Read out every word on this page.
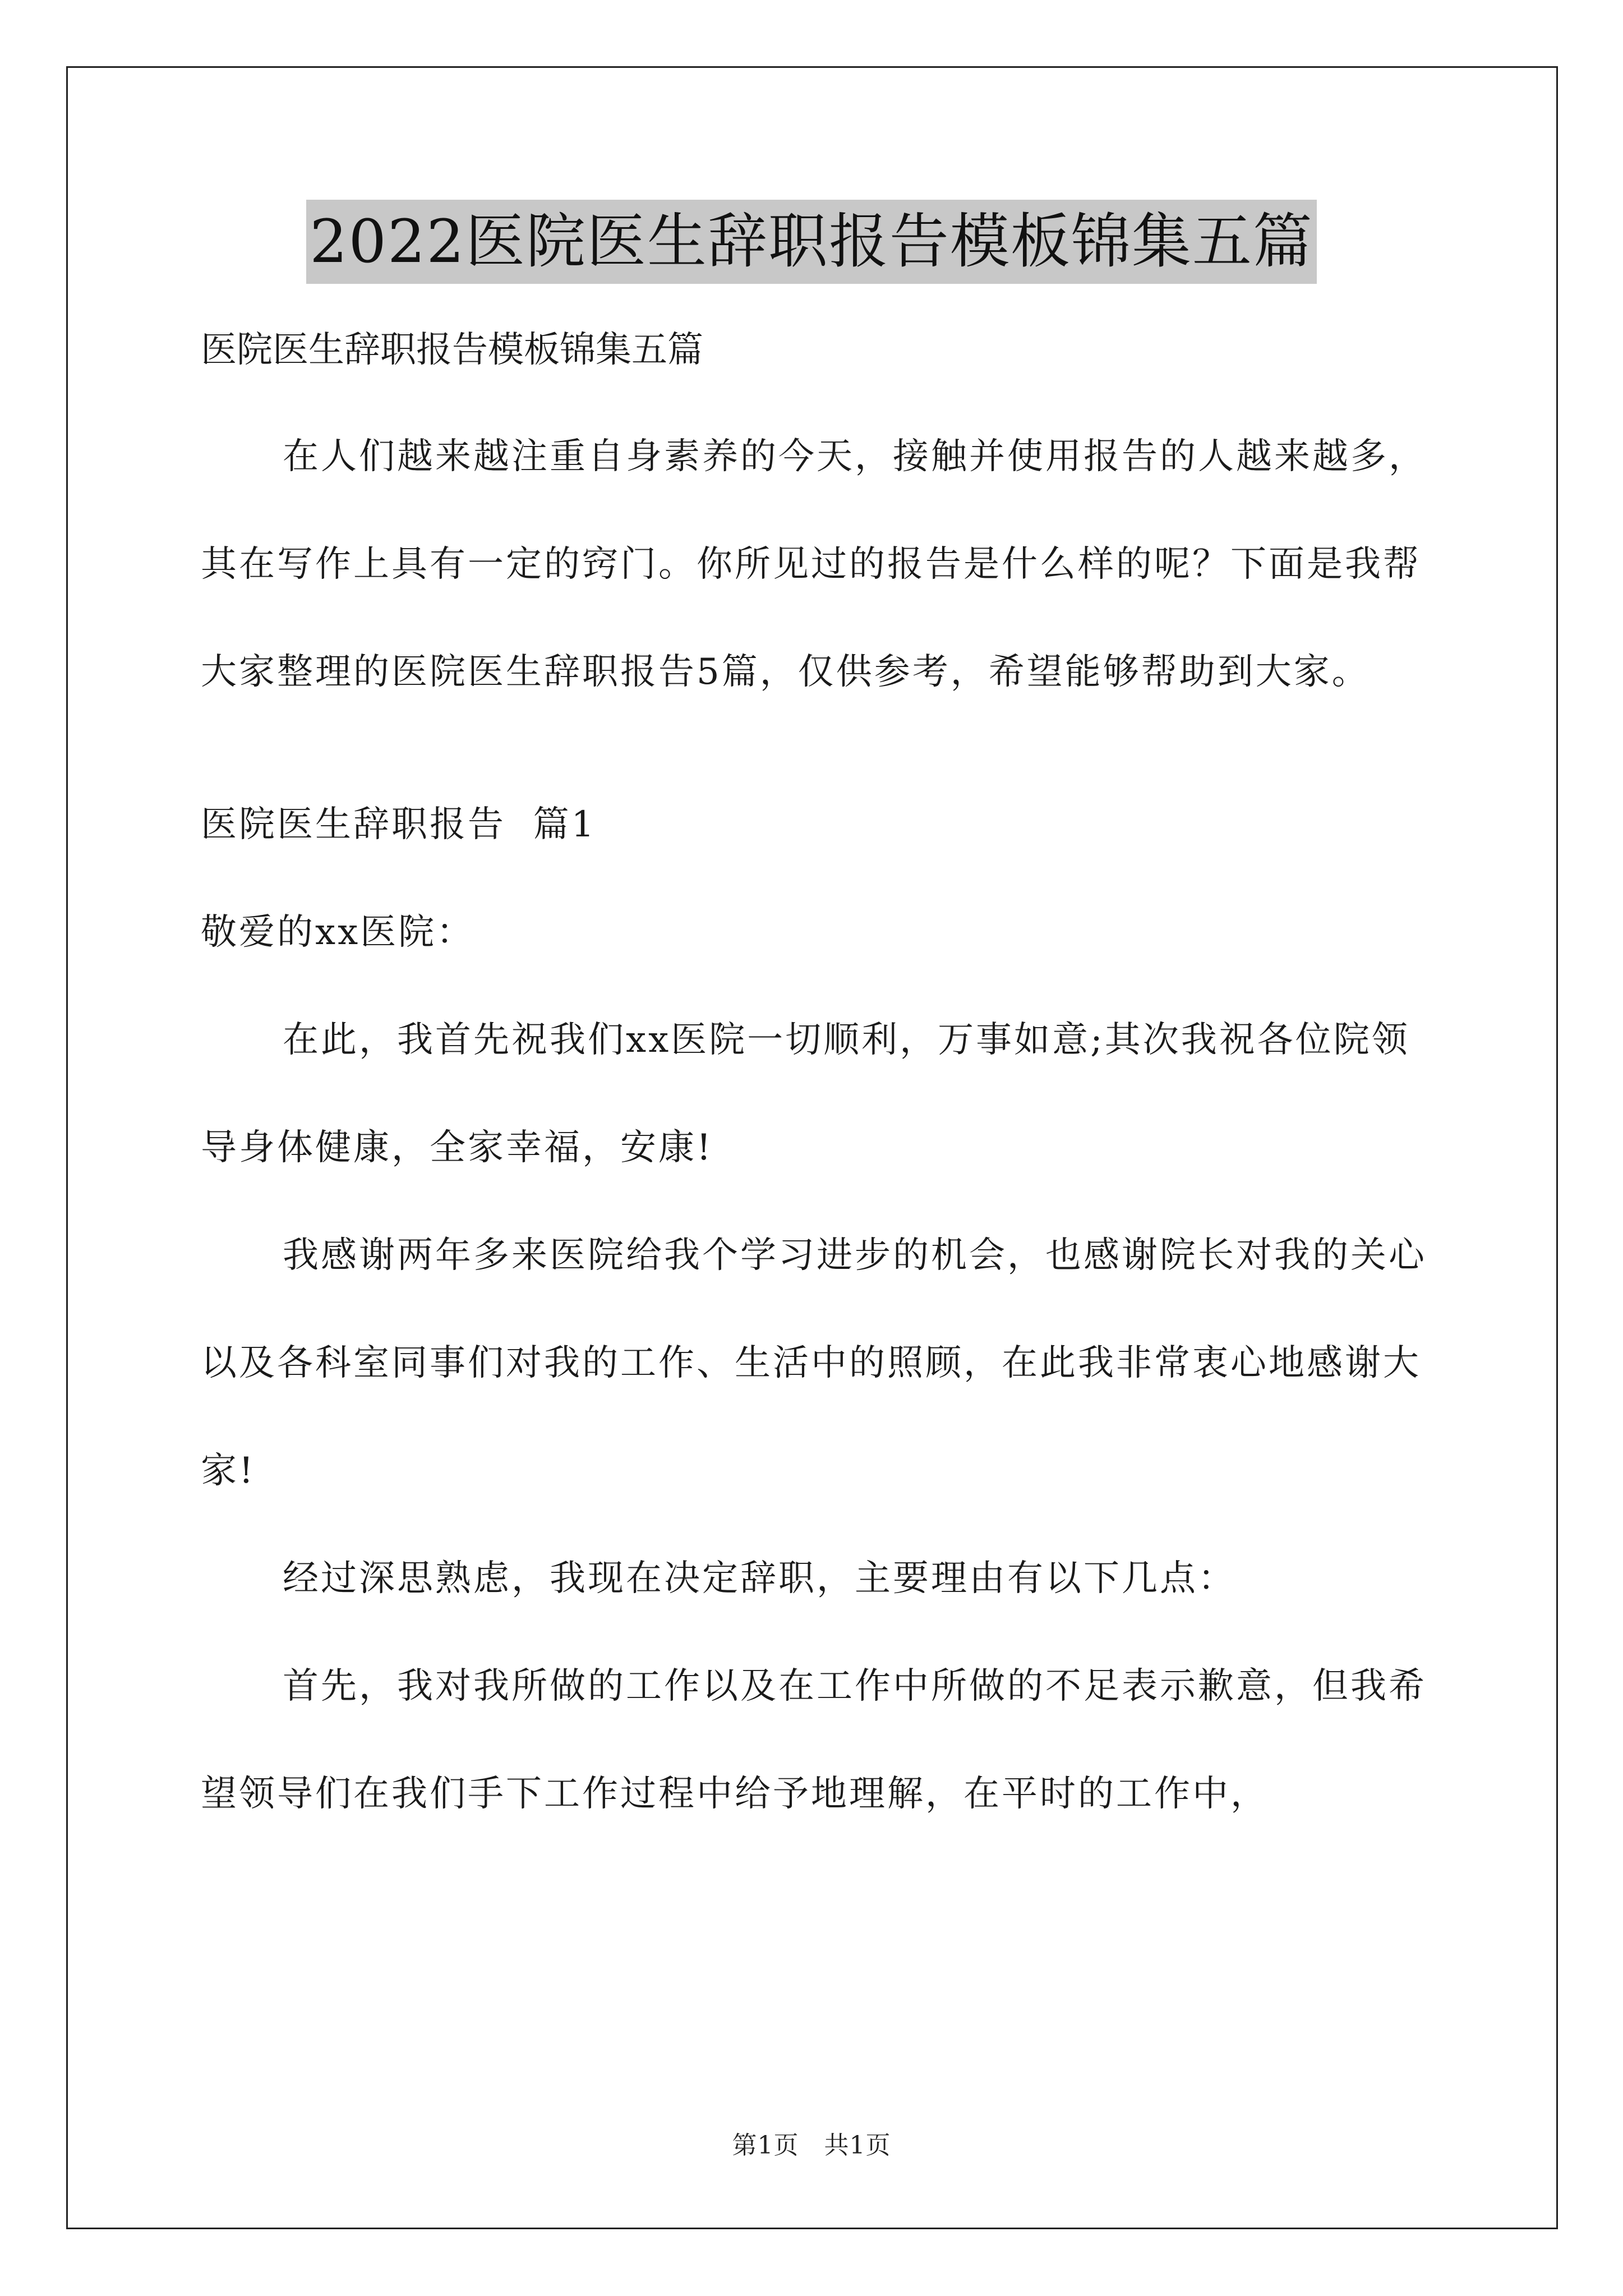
2022医院医生辞职报告模板锦集五篇

医院医生辞职报告模板锦集五篇

在人们越来越注重自身素养的今天，接触并使用报告的人越来越多，其在写作上具有一定的窍门。你所见过的报告是什么样的呢？下面是我帮大家整理的医院医生辞职报告5篇，仅供参考，希望能够帮助到大家。

医院医生辞职报告  篇1

敬爱的xx医院：

在此，我首先祝我们xx医院一切顺利，万事如意;其次我祝各位院领导身体健康，全家幸福，安康!

我感谢两年多来医院给我个学习进步的机会，也感谢院长对我的关心以及各科室同事们对我的工作、生活中的照顾，在此我非常衷心地感谢大家!

经过深思熟虑，我现在决定辞职，主要理由有以下几点：

首先，我对我所做的工作以及在工作中所做的不足表示歉意，但我希望领导们在我们手下工作过程中给予地理解，在平时的工作中，

第1页   共1页
